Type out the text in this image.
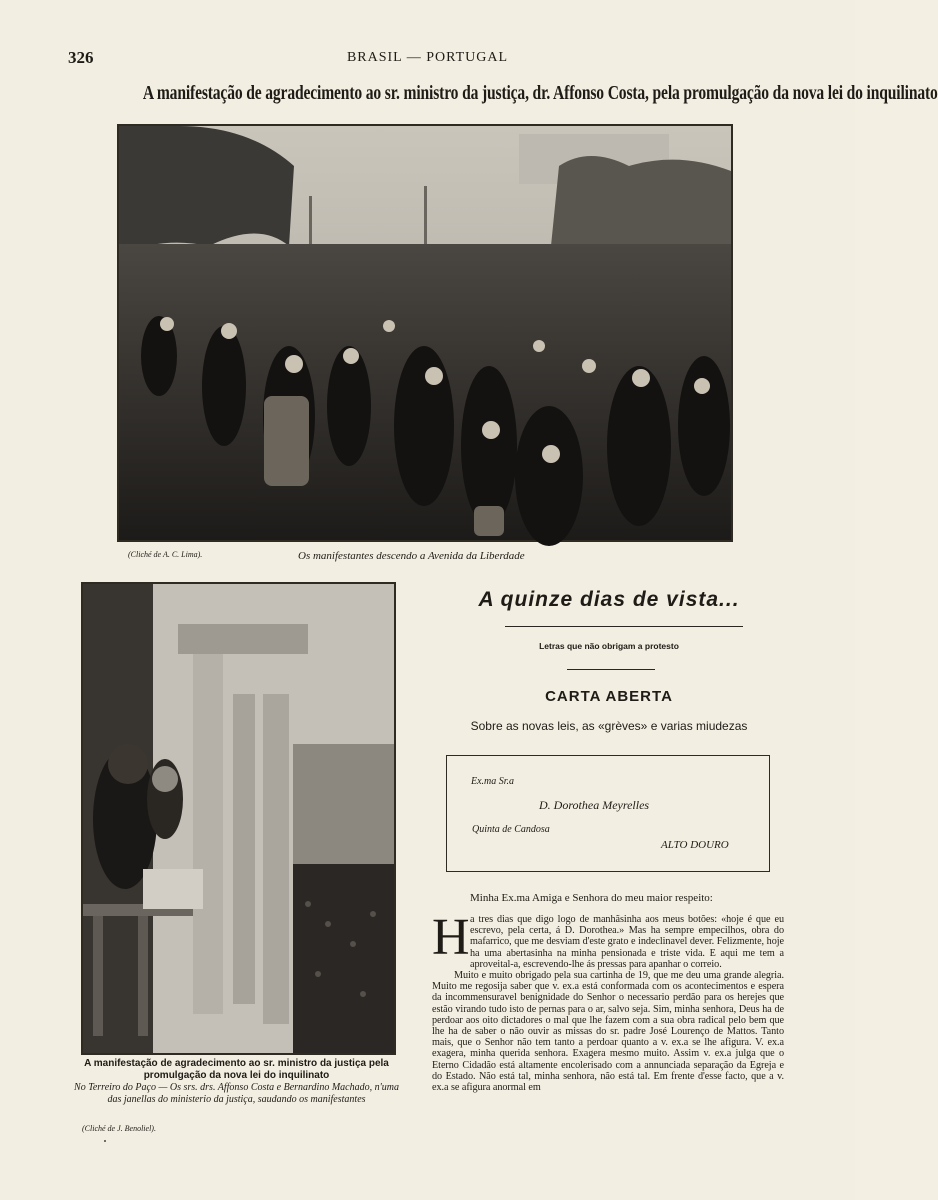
326	BRASIL — PORTUGAL
A manifestação de agradecimento ao sr. ministro da justiça, dr. Affonso Costa, pela promulgação da nova lei do inquilinato
(Cliché de A. C. Lima).	Os manifestantes descendo a Avenida da Liberdade
A manifestação de agradecimento ao sr. ministro da justiça pela promulgação da nova lei do inquilinato
No Terreiro do Paço — Os srs. drs. Affonso Costa e Bernardino Machado, n'uma das janellas do ministerio da justiça, saudando os manifestantes
(Cliché de J. Benoliel).
A quinze dias de vista...
Letras que não obrigam a protesto
CARTA ABERTA
Sobre as novas leis, as «grèves» e varias miudezas
Ex.ma Sr.a
D. Dorothea Meyrelles
Quinta de Candosa
ALTO DOURO
Minha Ex.ma Amiga e Senhora do meu maior respeito:
H a tres dias que digo logo de manhãsinha aos meus botões: «hoje é que eu escrevo, pela certa, á D. Dorothea.» Mas ha sempre empecilhos, obra do mafarrico, que me desviam d'este grato e indeclinavel dever. Felizmente, hoje ha uma abertasinha na minha pensionada e triste vida. E aqui me tem a aproveital-a, escrevendo-lhe ás pressas para apanhar o correio.

Muito e muito obrigado pela sua cartinha de 19, que me deu uma grande alegria. Muito me regosija saber que v. ex.a está conformada com os acontecimentos e espera da incommensuravel benignidade do Senhor o necessario perdão para os herejes que estão virando tudo isto de pernas para o ar, salvo seja. Sim, minha senhora, Deus ha de perdoar aos oito dictadores o mal que lhe fazem com a sua obra radical pelo bem que lhe ha de saber o não ouvir as missas do sr. padre José Lourenço de Mattos. Tanto mais, que o Senhor não tem tanto a perdoar quanto a v. ex.a se lhe afigura. V. ex.a exagera, minha querida senhora. Exagera mesmo muito. Assim v. ex.a julga que o Eterno Cidadão está altamente encolerisado com a annunciada separação da Egreja e do Estado. Não está tal, minha senhora, não está tal. Em frente d'esse facto, que a v. ex.a se afigura anormal em
